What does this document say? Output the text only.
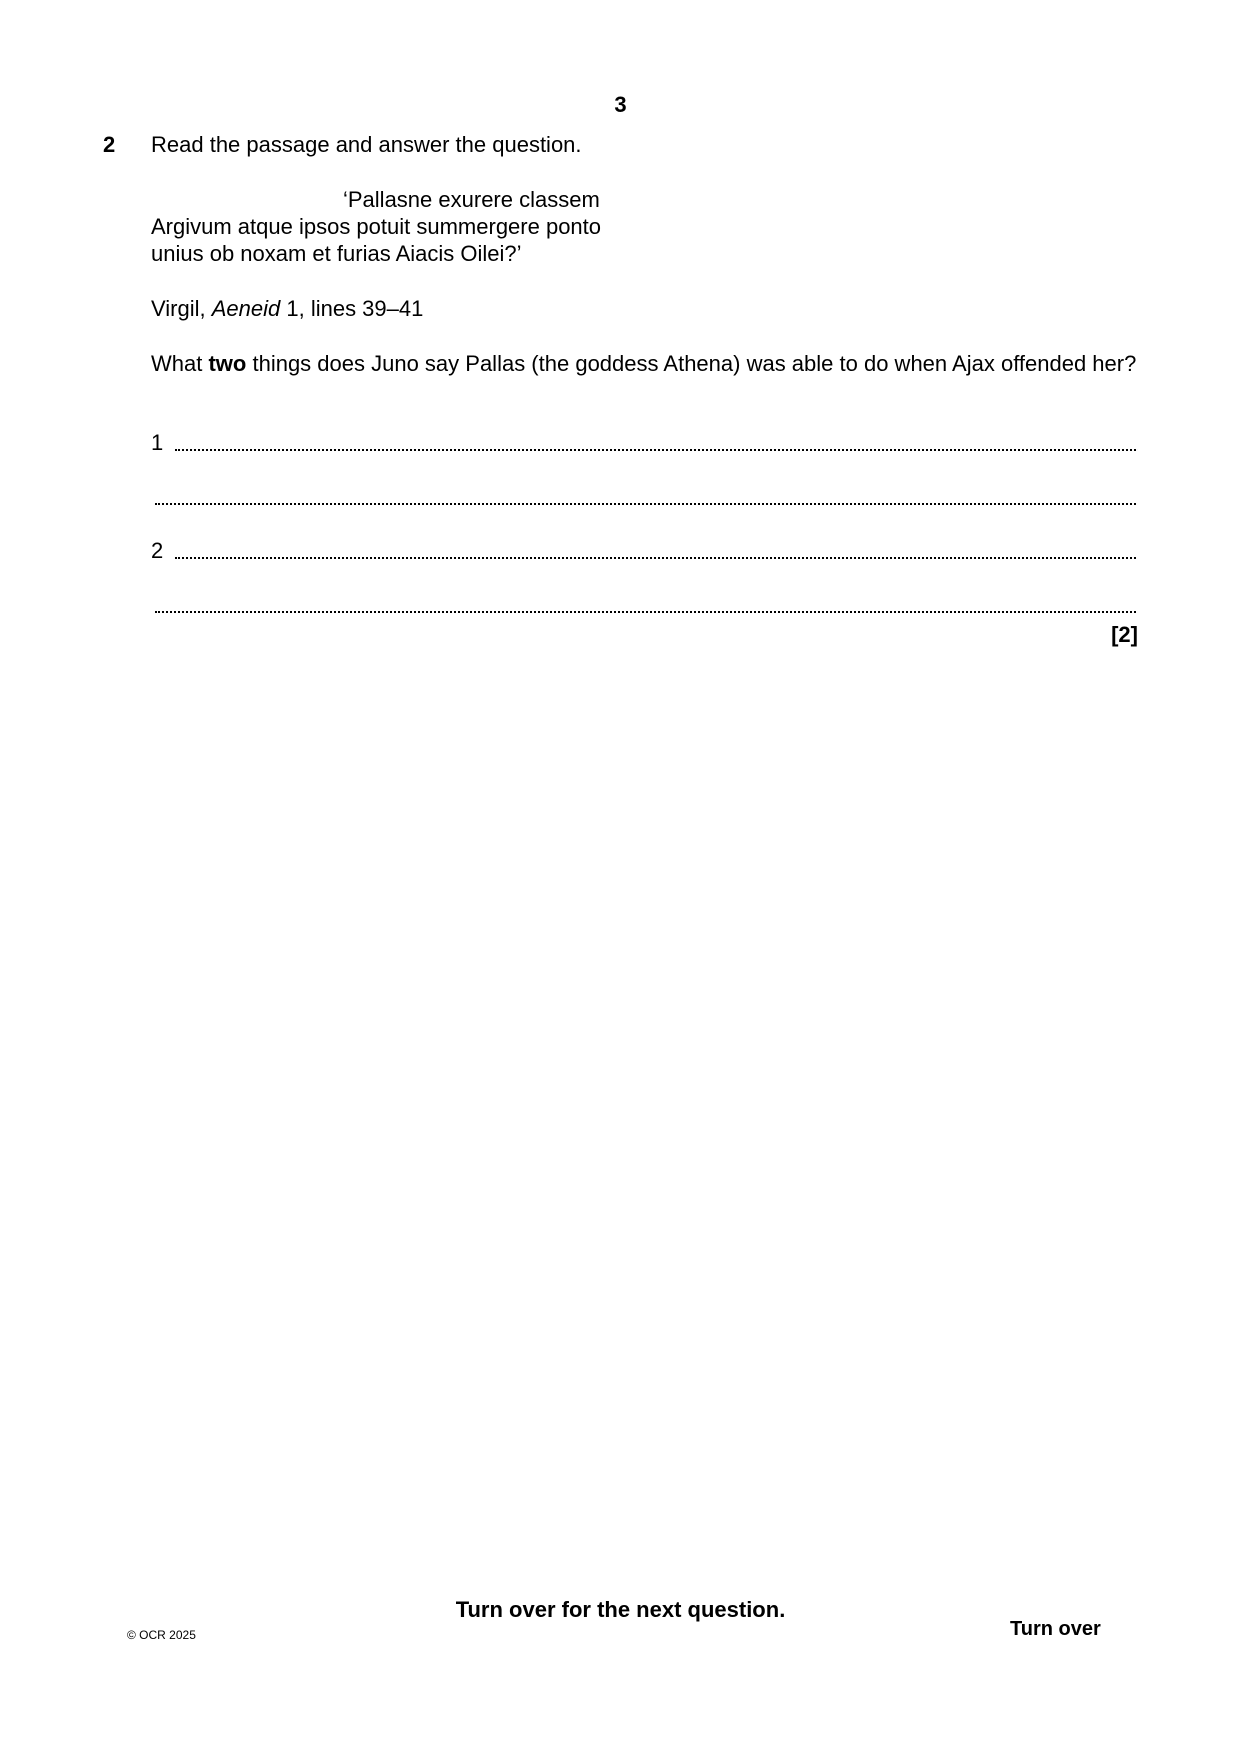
3
2 Read the passage and answer the question.
‘Pallasne exurere classem
Argivum atque ipsos potuit summergere ponto
unius ob noxam et furias Aiacis Oilei?’
Virgil, Aeneid 1, lines 39–41
What two things does Juno say Pallas (the goddess Athena) was able to do when Ajax offended her?
1
2
[2]
Turn over for the next question.
© OCR 2025	Turn over
